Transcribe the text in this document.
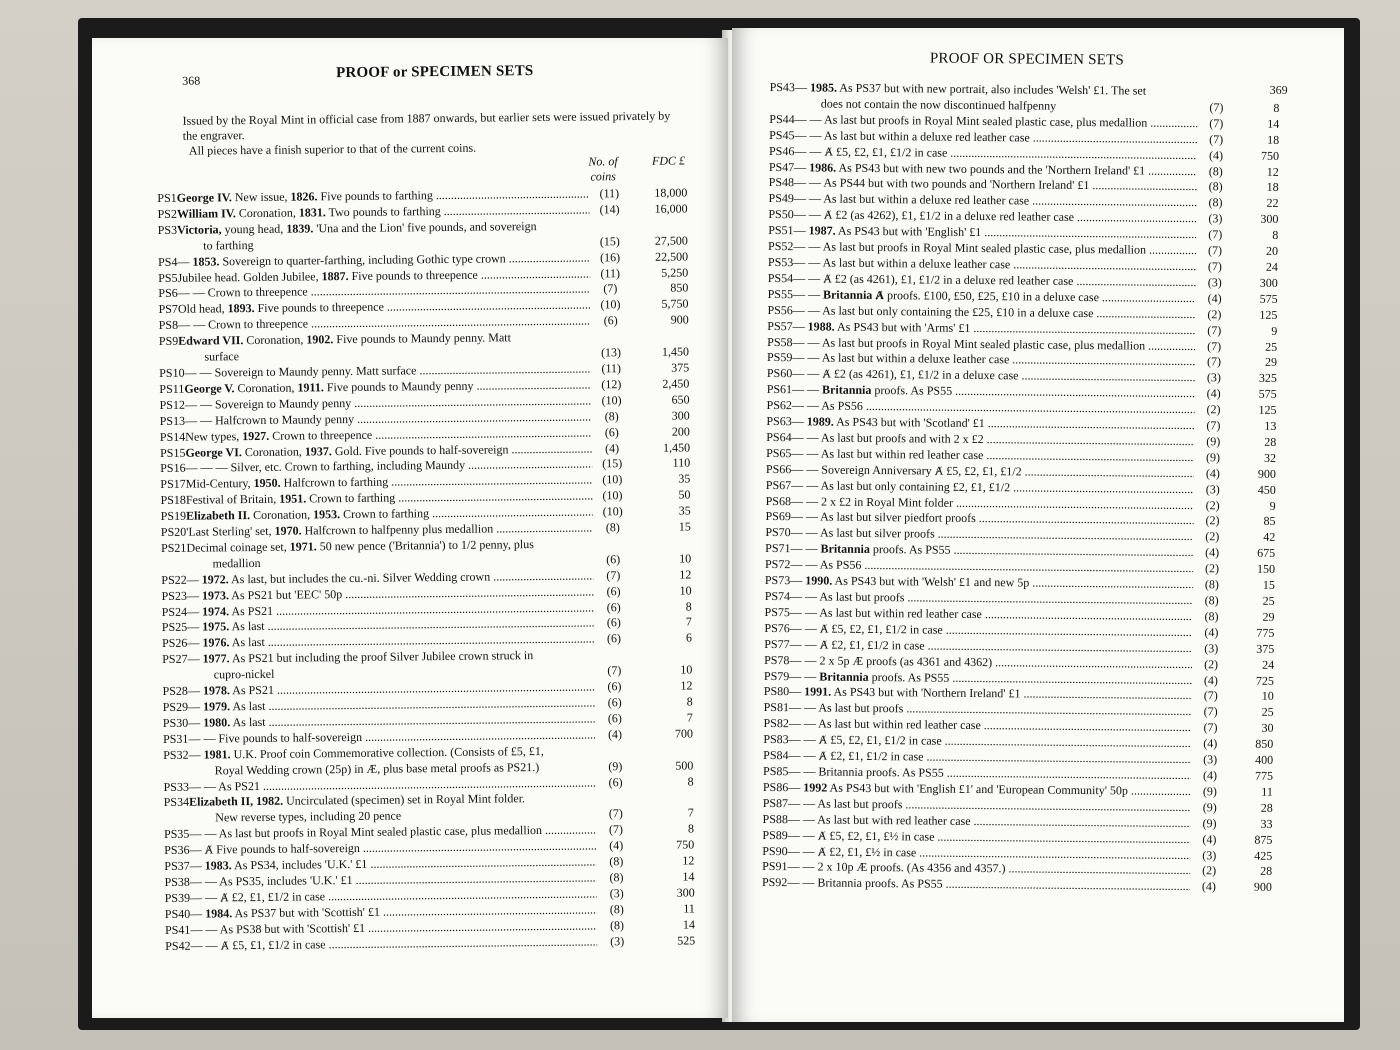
368	PROOF or SPECIMEN SETS

Issued by the Royal Mint in official case from 1887 onwards, but earlier sets were issued privately by the engraver.

All pieces have a finish superior to that of the current coins.

No. of coins
FDC £
PS1 George IV. New issue, 1826. Five pounds to farthing .....	(11)	18,000
PS2 William IV. Coronation, 1831. Two pounds to farthing .....	(14)	16,000
PS3 Victoria, young head, 1839. 'Una and the Lion' five pounds, and sovereign
to farthing	(15)	27,500
PS4 — 1853. Sovereign to quarter-farthing, including Gothic type crown .....	(16)	22,500
PS5 Jubilee head. Golden Jubilee, 1887. Five pounds to threepence .....	(11)	5,250
PS6 — — Crown to threepence .....	(7)	850
PS7 Old head, 1893. Five pounds to threepence .....	(10)	5,750
PS8 — — Crown to threepence .....	(6)	900
PS9 Edward VII. Coronation, 1902. Five pounds to Maundy penny. Matt
surface	(13)	1,450
PS10 — — Sovereign to Maundy penny. Matt surface .....	(11)	375
PS11 George V. Coronation, 1911. Five pounds to Maundy penny .....	(12)	2,450
PS12 — — Sovereign to Maundy penny .....	(10)	650
PS13 — — Halfcrown to Maundy penny .....	(8)	300
PS14 New types, 1927. Crown to threepence .....	(6)	200
PS15 George VI. Coronation, 1937. Gold. Five pounds to half-sovereign .....	(4)	1,450
PS16 — — — Silver, etc. Crown to farthing, including Maundy .....	(15)	110
PS17 Mid-Century, 1950. Halfcrown to farthing .....	(10)	35
PS18 Festival of Britain, 1951. Crown to farthing .....	(10)	50
PS19 Elizabeth II. Coronation, 1953. Crown to farthing .....	(10)	35
PS20 'Last Sterling' set, 1970. Halfcrown to halfpenny plus medallion .....	(8)	15
PS21 Decimal coinage set, 1971. 50 new pence ('Britannia') to 1/2 penny, plus
medallion	(6)	10
PS22 — 1972. As last, but includes the cu.-ni. Silver Wedding crown .....	(7)	12
PS23 — 1973. As PS21 but 'EEC' 50p .....	(6)	10
PS24 — 1974. As PS21 .....	(6)	8
PS25 — 1975. As last .....	(6)	7
PS26 — 1976. As last .....	(6)	6
PS27 — 1977. As PS21 but including the proof Silver Jubilee crown struck in
cupro-nickel	(7)	10
PS28 — 1978. As PS21 .....	(6)	12
PS29 — 1979. As last .....	(6)	8
PS30 — 1980. As last .....	(6)	7
PS31 — — Five pounds to half-sovereign .....	(4)	700
PS32 — 1981. U.K. Proof coin Commemorative collection. (Consists of £5, £1,
Royal Wedding crown (25p) in Æ, plus base metal proofs as PS21.)	(9)	500
PS33 — — As PS21 .....	(6)	8
PS34 Elizabeth II, 1982. Uncirculated (specimen) set in Royal Mint folder.
New reverse types, including 20 pence	(7)	7
PS35 — — As last but proofs in Royal Mint sealed plastic case, plus medallion .....	(7)	8
PS36 — Ⱥ Five pounds to half-sovereign .....	(4)	750
PS37 — 1983. As PS34, includes 'U.K.' £1 .....	(8)	12
PS38 — — As PS35, includes 'U.K.' £1 .....	(8)	14
PS39 — — Ⱥ £2, £1, £1/2 in case .....	(3)	300
PS40 — 1984. As PS37 but with 'Scottish' £1 .....	(8)	11
PS41 — — As PS38 but with 'Scottish' £1 .....	(8)	14
PS42 — — Ⱥ £5, £1, £1/2 in case .....	(3)	525
PROOF OR SPECIMEN SETS
369
PS43 — 1985. As PS37 but with new portrait, also includes 'Welsh' £1. The set
does not contain the now discontinued halfpenny	(7)	8
PS44 — — As last but proofs in Royal Mint sealed plastic case, plus medallion .....	(7)	14
PS45 — — As last but within a deluxe red leather case .....	(7)	18
PS46 — — Ⱥ £5, £2, £1, £1/2 in case .....	(4)	750
PS47 — 1986. As PS43 but with new two pounds and the 'Northern Ireland' £1 .....	(8)	12
PS48 — — As PS44 but with two pounds and 'Northern Ireland' £1 .....	(8)	18
PS49 — — As last but within a deluxe red leather case .....	(8)	22
PS50 — — Ⱥ £2 (as 4262), £1, £1/2 in a deluxe red leather case .....	(3)	300
PS51 — 1987. As PS43 but with 'English' £1 .....	(7)	8
PS52 — — As last but proofs in Royal Mint sealed plastic case, plus medallion .....	(7)	20
PS53 — — As last but within a deluxe leather case .....	(7)	24
PS54 — — Ⱥ £2 (as 4261), £1, £1/2 in a deluxe red leather case .....	(3)	300
PS55 — — Britannia Ⱥ proofs. £100, £50, £25, £10 in a deluxe case .....	(4)	575
PS56 — — As last but only containing the £25, £10 in a deluxe case .....	(2)	125
PS57 — 1988. As PS43 but with 'Arms' £1 .....	(7)	9
PS58 — — As last but proofs in Royal Mint sealed plastic case, plus medallion .....	(7)	25
PS59 — — As last but within a deluxe leather case .....	(7)	29
PS60 — — Ⱥ £2 (as 4261), £1, £1/2 in a deluxe case .....	(3)	325
PS61 — — Britannia proofs. As PS55 .....	(4)	575
PS62 — — As PS56 .....	(2)	125
PS63 — 1989. As PS43 but with 'Scotland' £1 .....	(7)	13
PS64 — — As last but proofs and with 2 x £2 .....	(9)	28
PS65 — — As last but within red leather case .....	(9)	32
PS66 — — Sovereign Anniversary Ⱥ £5, £2, £1, £1/2 .....	(4)	900
PS67 — — As last but only containing £2, £1, £1/2 .....	(3)	450
PS68 — — 2 x £2 in Royal Mint folder .....	(2)	9
PS69 — — As last but silver piedfort proofs .....	(2)	85
PS70 — — As last but silver proofs .....	(2)	42
PS71 — — Britannia proofs. As PS55 .....	(4)	675
PS72 — — As PS56 .....	(2)	150
PS73 — 1990. As PS43 but with 'Welsh' £1 and new 5p .....	(8)	15
PS74 — — As last but proofs .....	(8)	25
PS75 — — As last but within red leather case .....	(8)	29
PS76 — — Ⱥ £5, £2, £1, £1/2 in case .....	(4)	775
PS77 — — Ⱥ £2, £1, £1/2 in case .....	(3)	375
PS78 — — 2 x 5p Æ proofs (as 4361 and 4362) .....	(2)	24
PS79 — — Britannia proofs. As PS55 .....	(4)	725
PS80 — 1991. As PS43 but with 'Northern Ireland' £1 .....	(7)	10
PS81 — — As last but proofs .....	(7)	25
PS82 — — As last but within red leather case .....	(7)	30
PS83 — — Ⱥ £5, £2, £1, £1/2 in case .....	(4)	850
PS84 — — Ⱥ £2, £1, £1/2 in case .....	(3)	400
PS85 — — Britannia proofs. As PS55 .....	(4)	775
PS86 — 1992 As PS43 but with 'English £1' and 'European Community' 50p .....	(9)	11
PS87 — — As last but proofs .....	(9)	28
PS88 — — As last but with red leather case .....	(9)	33
PS89 — — Ⱥ £5, £2, £1, £½ in case .....	(4)	875
PS90 — — Ⱥ £2, £1, £½ in case .....	(3)	425
PS91 — — 2 x 10p Æ proofs. (As 4356 and 4357.) .....	(2)	28
PS92 — — Britannia proofs. As PS55 .....	(4)	900
